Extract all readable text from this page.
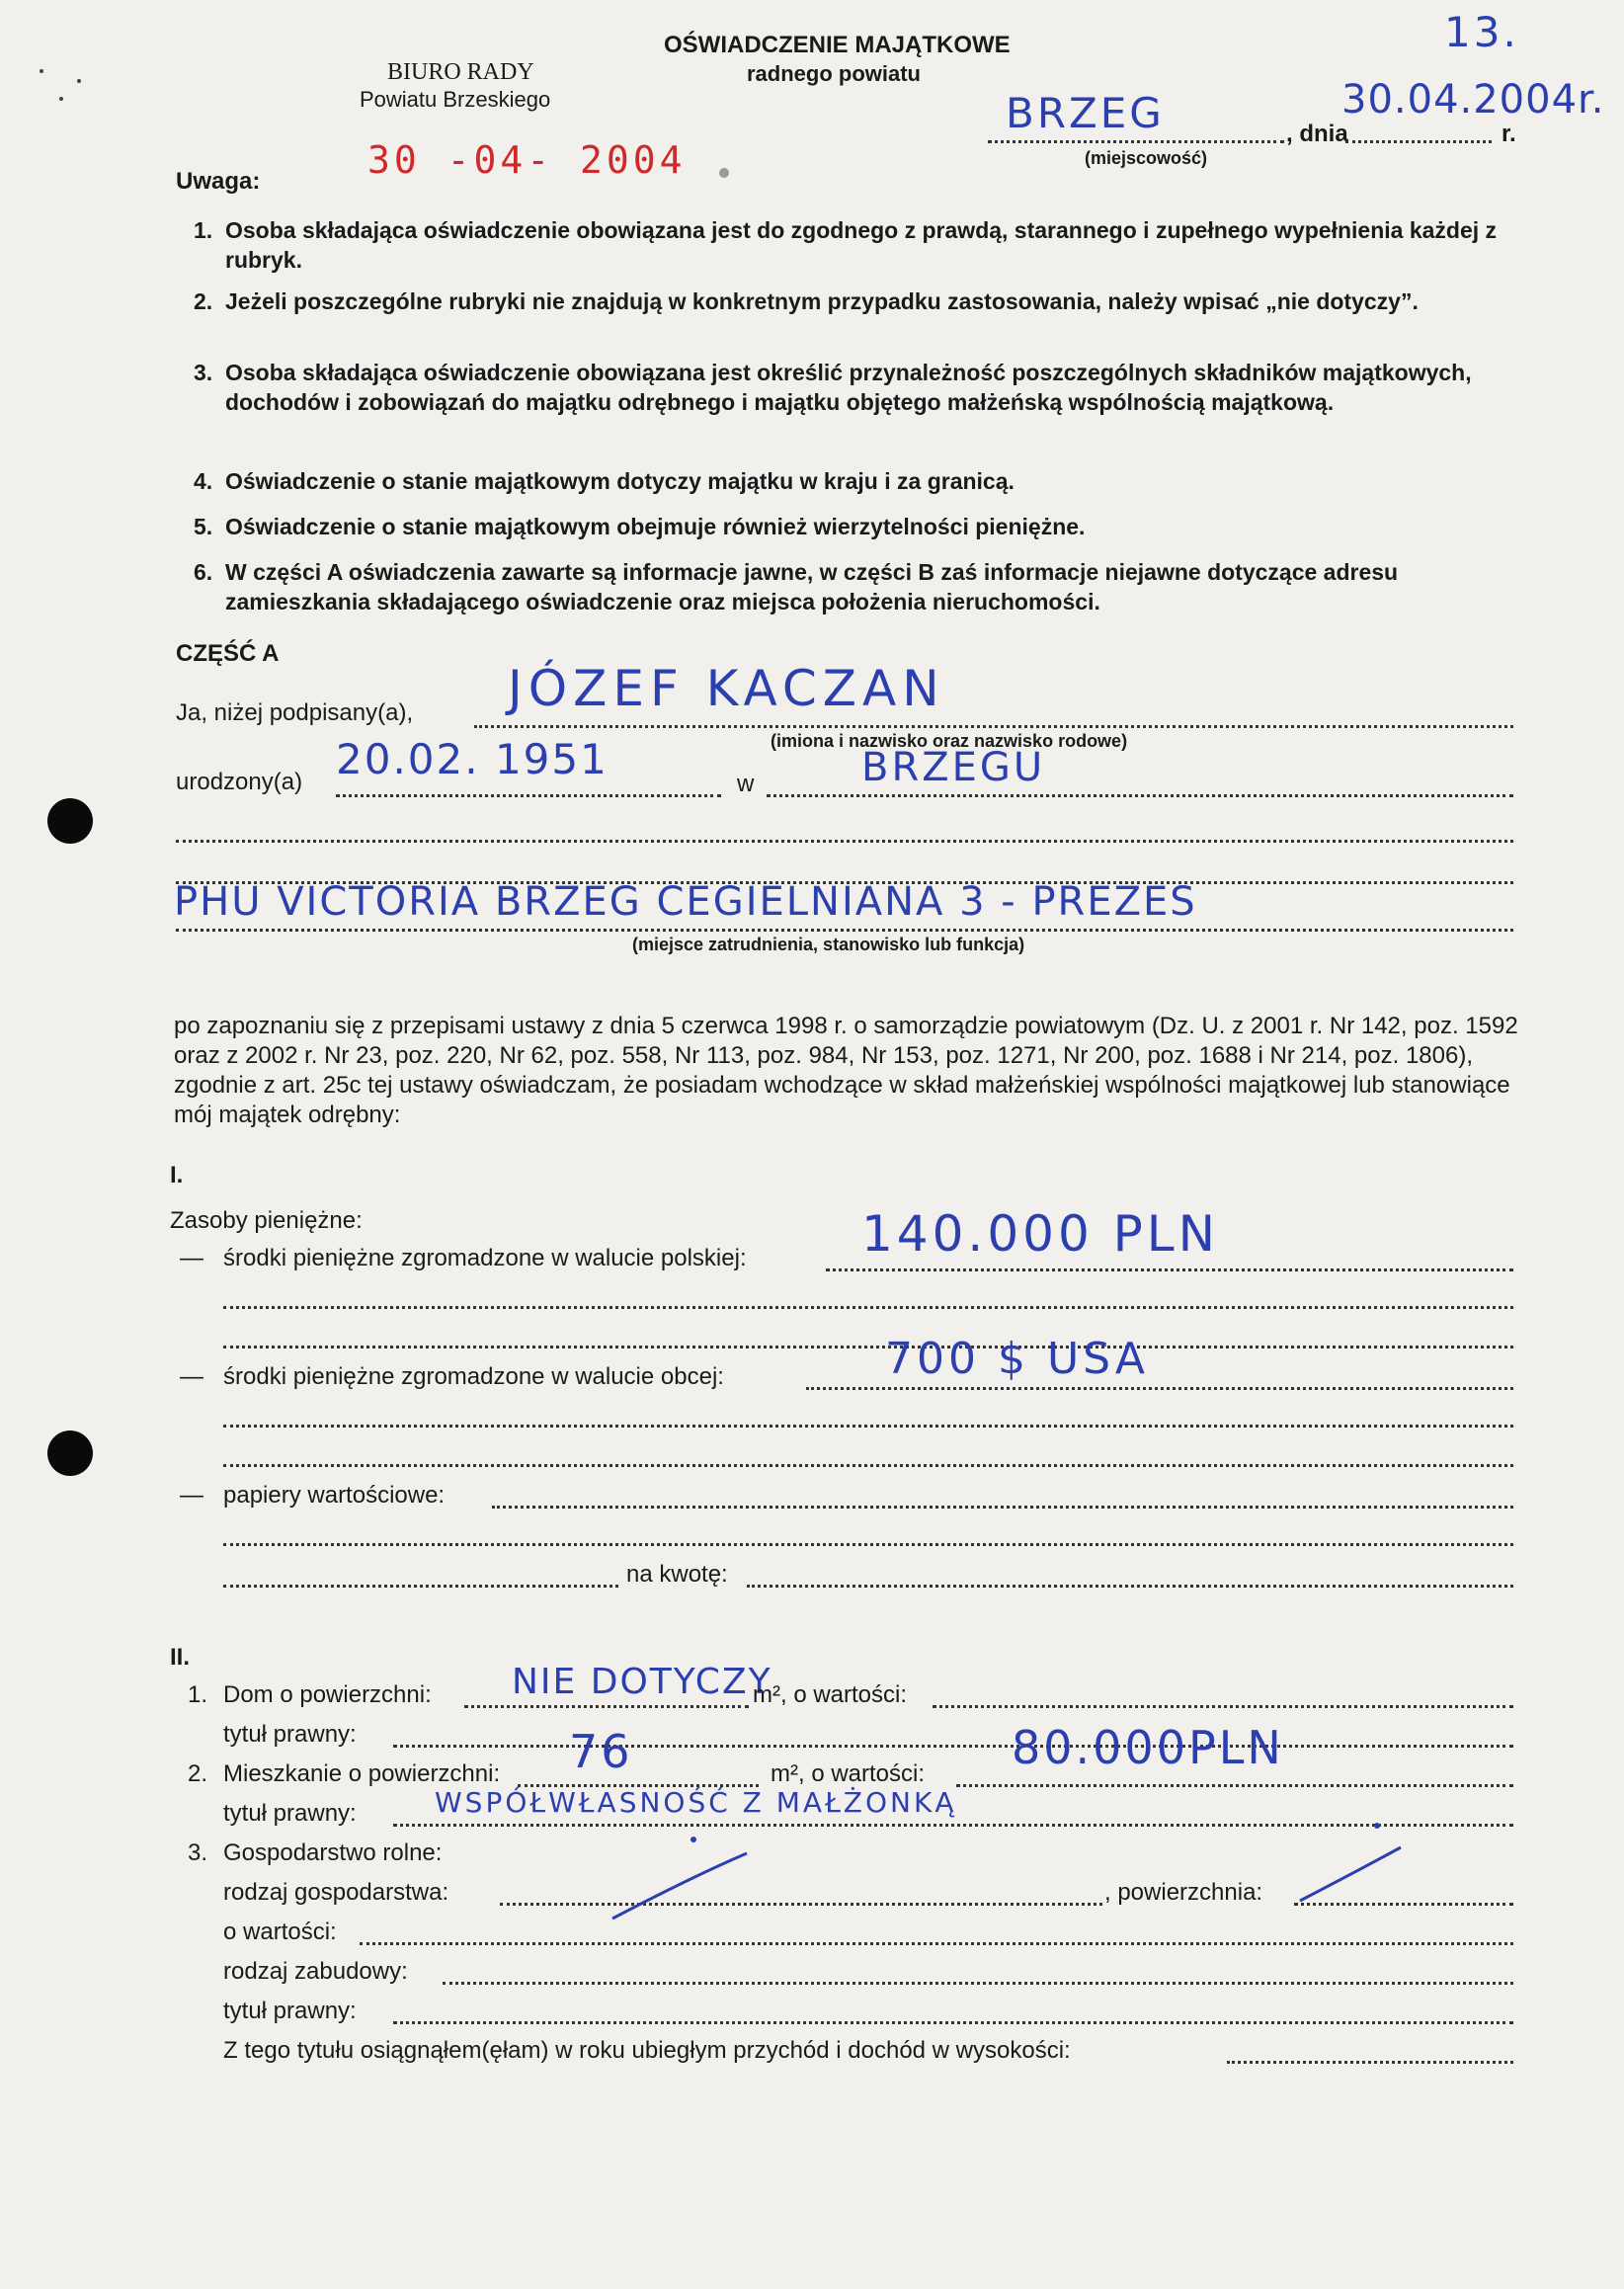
OŚWIADCZENIE MAJĄTKOWE
radnego powiatu
BIURO RADY
Powiatu Brzeskiego
30 -04- 2004
13.
BRZEG	, dnia
30.04.2004r.
r.
(miejscowość)
Uwaga:
1. Osoba składająca oświadczenie obowiązana jest do zgodnego z prawdą, starannego i zupełnego wypełnienia każdej z rubryk.
2. Jeżeli poszczególne rubryki nie znajdują w konkretnym przypadku zastosowania, należy wpisać „nie dotyczy”.
3. Osoba składająca oświadczenie obowiązana jest określić przynależność poszczególnych składników majątkowych, dochodów i zobowiązań do majątku odrębnego i majątku objętego małżeńską wspólnością majątkową.
4. Oświadczenie o stanie majątkowym dotyczy majątku w kraju i za granicą.
5. Oświadczenie o stanie majątkowym obejmuje również wierzytelności pieniężne.
6. W części A oświadczenia zawarte są informacje jawne, w części B zaś informacje niejawne dotyczące adresu zamieszkania składającego oświadczenie oraz miejsca położenia nieruchomości.
CZĘŚĆ A
Ja, niżej podpisany(a), JÓZEF KACZAN
(imiona i nazwisko oraz nazwisko rodowe)
urodzony(a) 20.02. 1951
w	BRZEGU
PHU VICTORIA BRZEG CEGIELNIANA 3 - PREZES
(miejsce zatrudnienia, stanowisko lub funkcja)
po zapoznaniu się z przepisami ustawy z dnia 5 czerwca 1998 r. o samorządzie powiatowym (Dz. U. z 2001 r. Nr 142, poz. 1592 oraz z 2002 r. Nr 23, poz. 220, Nr 62, poz. 558, Nr 113, poz. 984, Nr 153, poz. 1271, Nr 200, poz. 1688 i Nr 214, poz. 1806), zgodnie z art. 25c tej ustawy oświadczam, że posiadam wchodzące w skład małżeńskiej wspólności majątkowej lub stanowiące mój majątek odrębny:
I.
Zasoby pieniężne:
— środki pieniężne zgromadzone w walucie polskiej: 140.000 PLN
— środki pieniężne zgromadzone w walucie obcej:	700 $ USA
— papiery wartościowe:
na kwotę:
II.
1. Dom o powierzchni: NIE DOTYCZY
m², o wartości:
tytuł prawny:
2. Mieszkanie o powierzchni: 76	m², o wartości: 80.000PLN
tytuł prawny:	WSPÓŁWŁASNOŚĆ Z MAŁŻONKĄ
3. Gospodarstwo rolne:
rodzaj gospodarstwa:	, powierzchnia:
o wartości:
rodzaj zabudowy:
tytuł prawny:
Z tego tytułu osiągnąłem(ęłam) w roku ubiegłym przychód i dochód w wysokości:
